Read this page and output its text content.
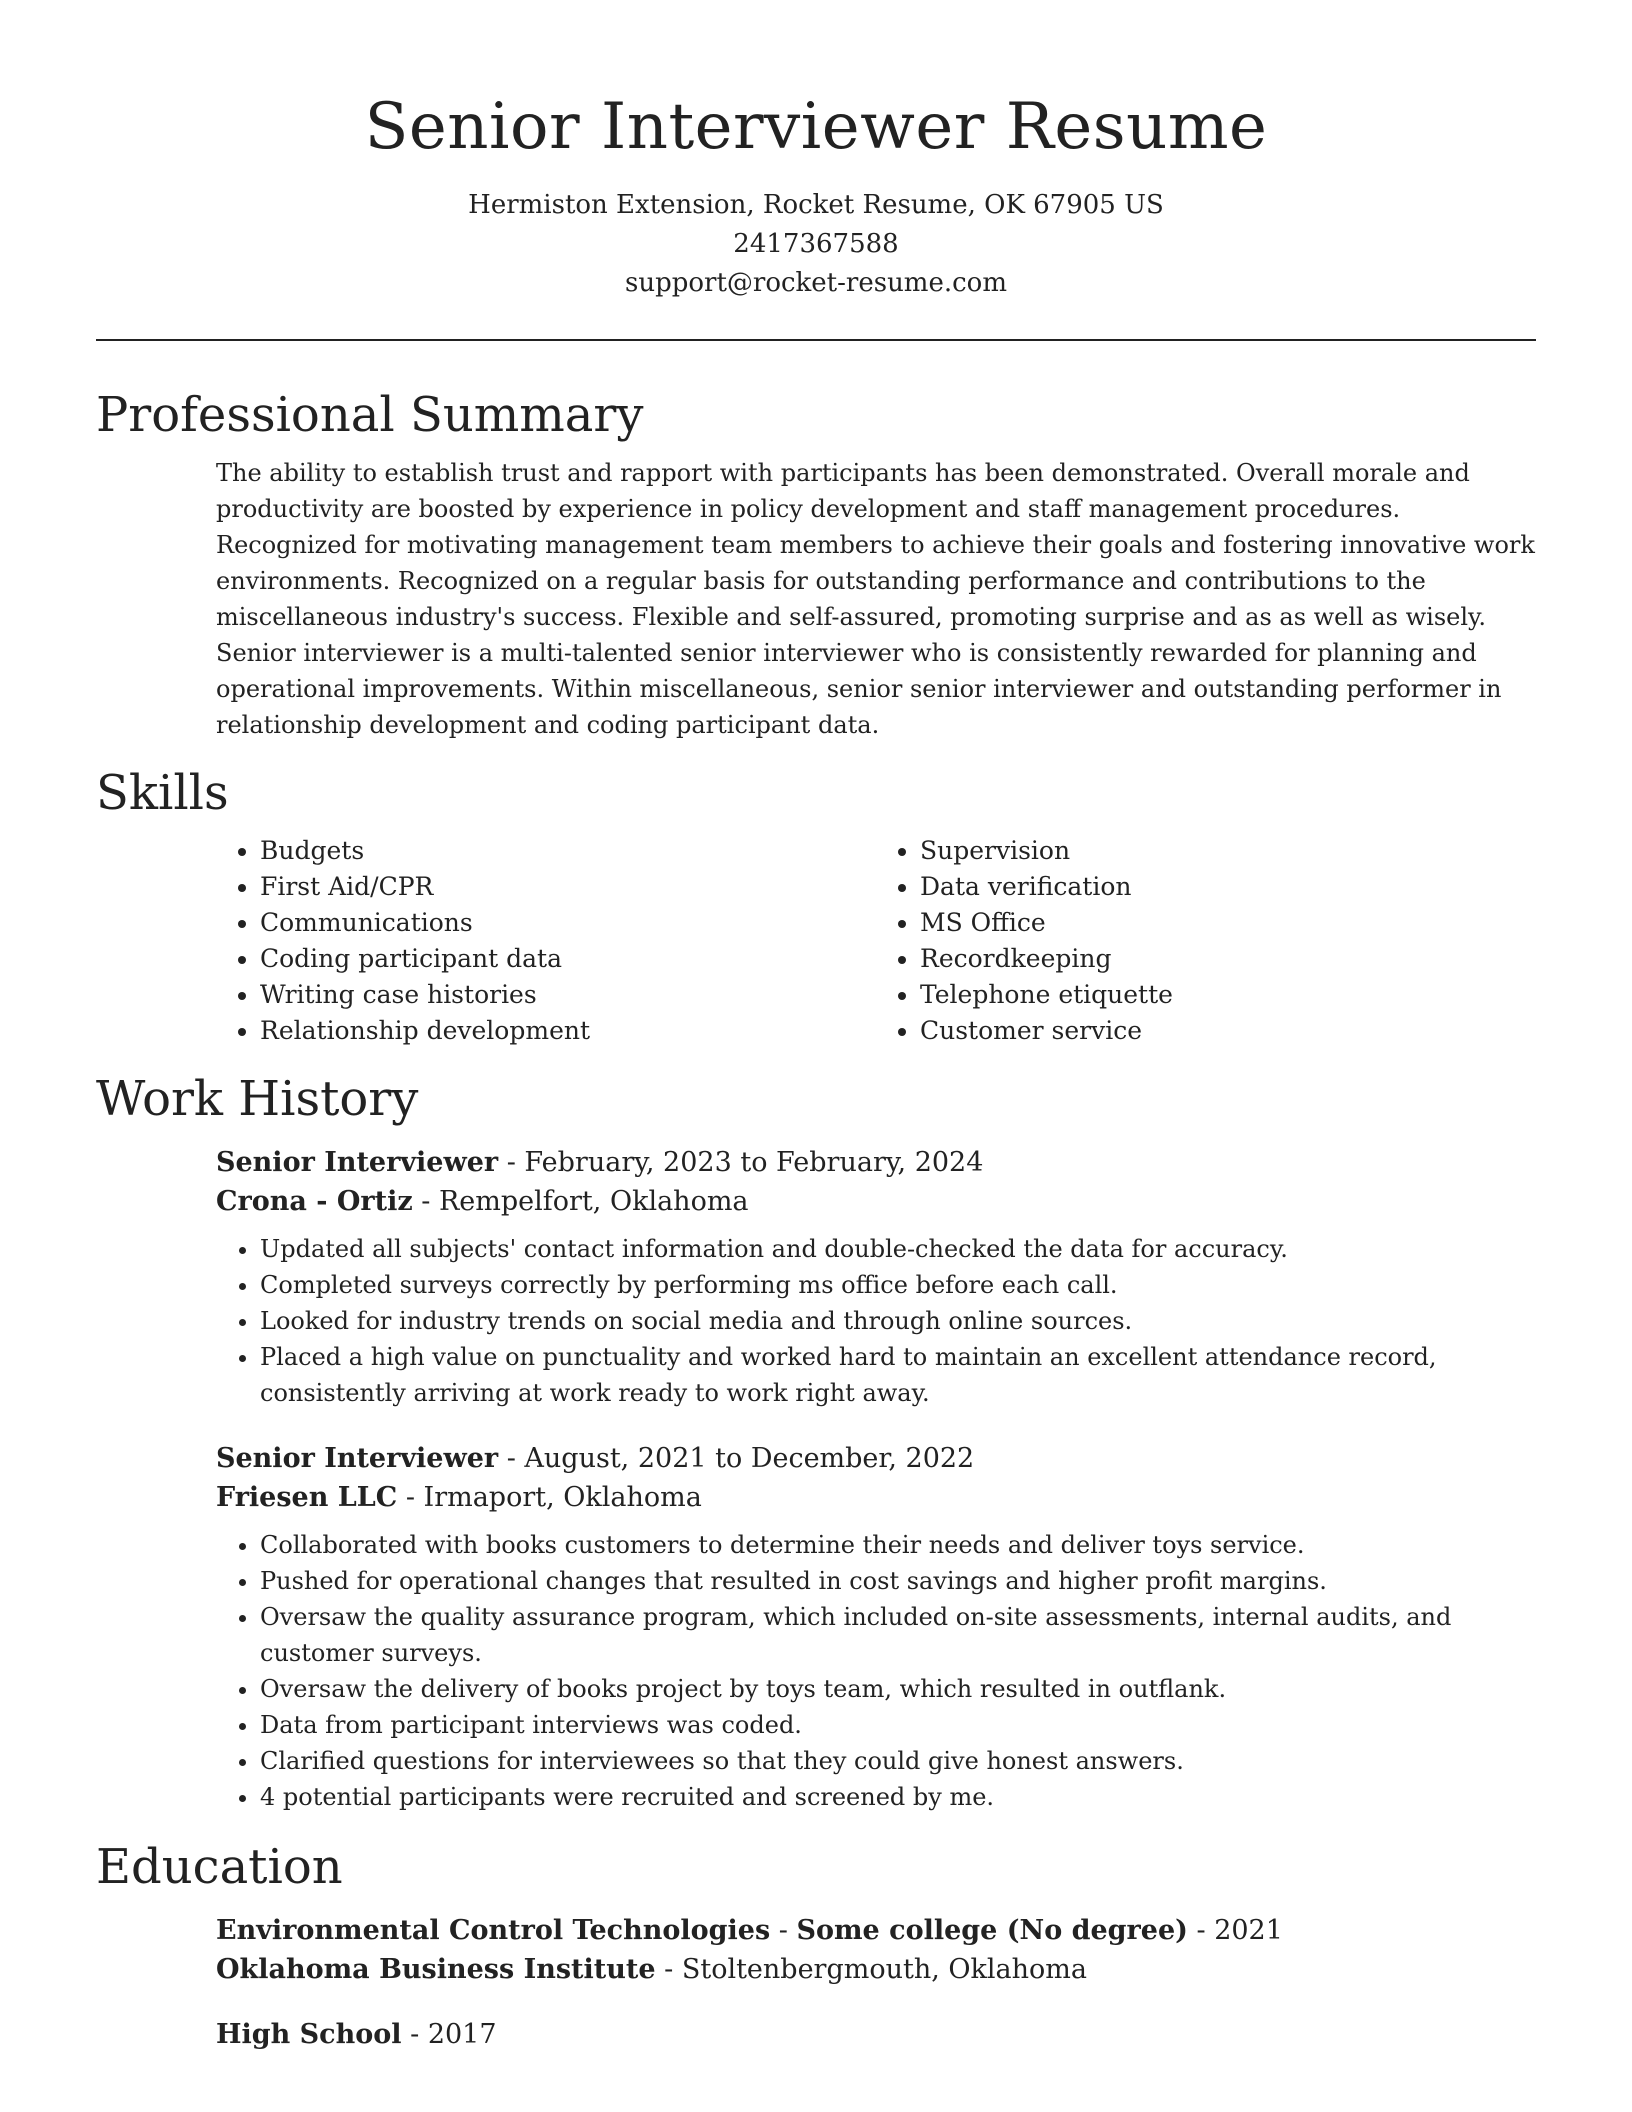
Senior Interviewer Resume
Hermiston Extension, Rocket Resume, OK 67905 US
2417367588
support@rocket-resume.com
Professional Summary

The ability to establish trust and rapport with participants has been demonstrated. Overall morale and productivity are boosted by experience in policy development and staff management procedures. Recognized for motivating management team members to achieve their goals and fostering innovative work environments. Recognized on a regular basis for outstanding performance and contributions to the miscellaneous industry's success. Flexible and self-assured, promoting surprise and as as well as wisely. Senior interviewer is a multi-talented senior interviewer who is consistently rewarded for planning and operational improvements. Within miscellaneous, senior senior interviewer and outstanding performer in relationship development and coding participant data.

Skills
• Budgets
• First Aid/CPR
• Communications
• Coding participant data
• Writing case histories
• Relationship development
• Supervision
• Data verification
• MS Office
• Recordkeeping
• Telephone etiquette
• Customer service
Work History
Senior Interviewer - February, 2023 to February, 2024
Crona - Ortiz - Rempelfort, Oklahoma
• Updated all subjects' contact information and double-checked the data for accuracy.
• Completed surveys correctly by performing ms office before each call.
• Looked for industry trends on social media and through online sources.
• Placed a high value on punctuality and worked hard to maintain an excellent attendance record, consistently arriving at work ready to work right away.
Senior Interviewer - August, 2021 to December, 2022
Friesen LLC - Irmaport, Oklahoma
• Collaborated with books customers to determine their needs and deliver toys service.
• Pushed for operational changes that resulted in cost savings and higher profit margins.
• Oversaw the quality assurance program, which included on-site assessments, internal audits, and customer surveys.
• Oversaw the delivery of books project by toys team, which resulted in outflank.
• Data from participant interviews was coded.
• Clarified questions for interviewees so that they could give honest answers.
• 4 potential participants were recruited and screened by me.
Education
Environmental Control Technologies - Some college (No degree) - 2021
Oklahoma Business Institute - Stoltenbergmouth, Oklahoma
High School - 2017
